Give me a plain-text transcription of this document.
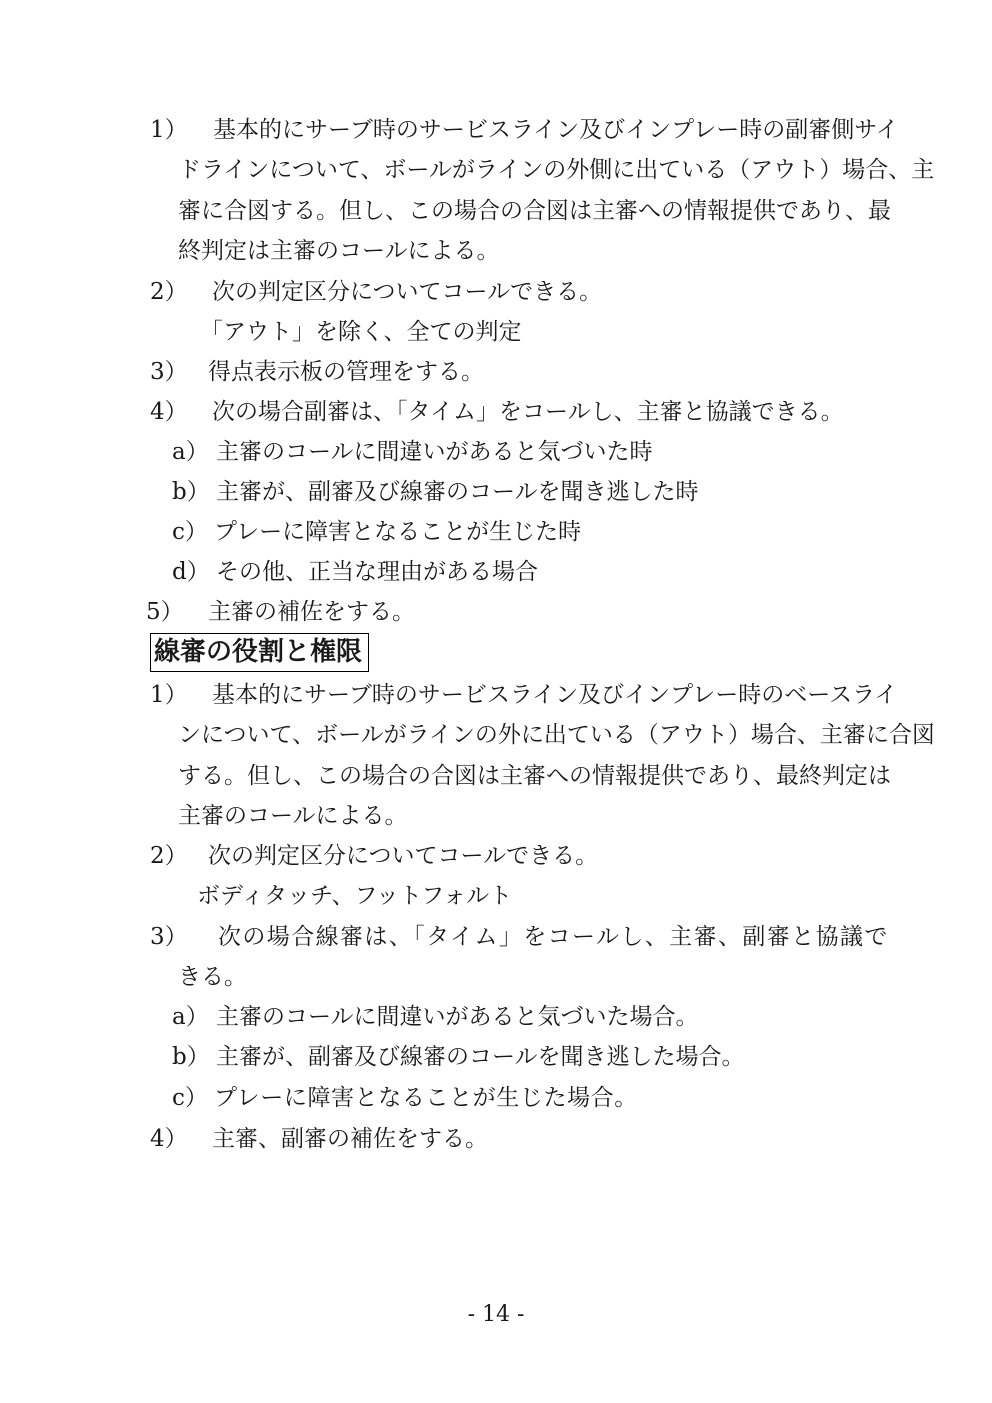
1） 基本的にサーブ時のサービスライン及びインプレー時の副審側サイ
ドラインについて、ボールがラインの外側に出ている（アウト）場合、主
審に合図する。但し、この場合の合図は主審への情報提供であり、最
終判定は主審のコールによる。
2） 次の判定区分についてコールできる。
「アウト」を除く、全ての判定
3） 得点表示板の管理をする。
4） 次の場合副審は、「タイム」をコールし、主審と協議できる。
a） 主審のコールに間違いがあると気づいた時
b） 主審が、副審及び線審のコールを聞き逃した時
c） プレーに障害となることが生じた時
d） その他、正当な理由がある場合
5） 主審の補佐をする。
線審の役割と権限
1） 基本的にサーブ時のサービスライン及びインプレー時のベースライ
ンについて、ボールがラインの外に出ている（アウト）場合、主審に合図
する。但し、この場合の合図は主審への情報提供であり、最終判定は
主審のコールによる。
2） 次の判定区分についてコールできる。
ボディタッチ、フットフォルト
3） 次の場合線審は、「タイム」をコールし、主審、副審と協議で
きる。
a） 主審のコールに間違いがあると気づいた場合。
b） 主審が、副審及び線審のコールを聞き逃した場合。
c） プレーに障害となることが生じた場合。
4） 主審、副審の補佐をする。
- 14 -
